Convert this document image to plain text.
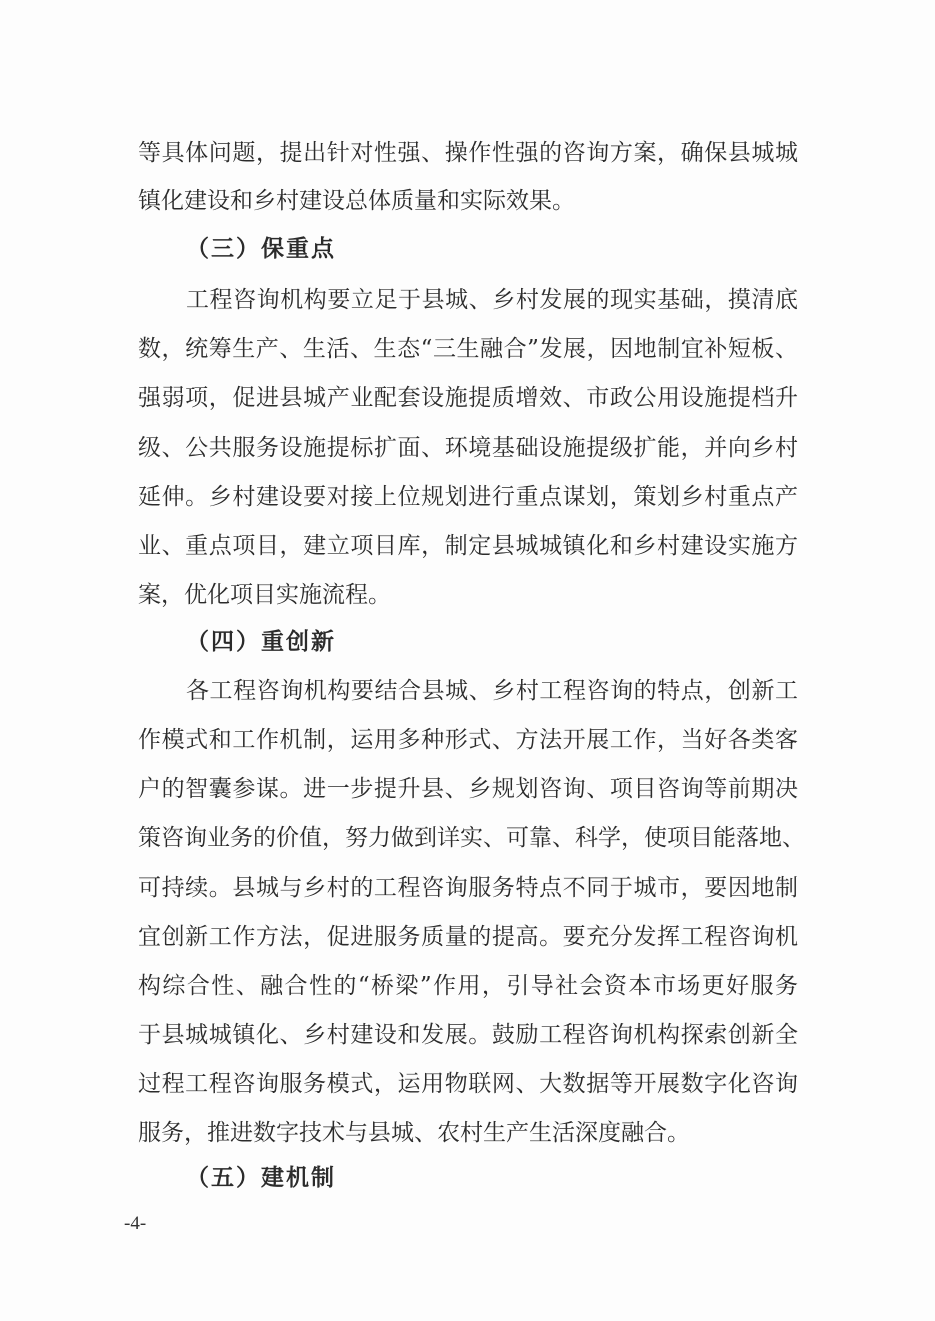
等具体问题，提出针对性强、操作性强的咨询方案，确保县城城
镇化建设和乡村建设总体质量和实际效果。
（三）保重点
工程咨询机构要立足于县城、乡村发展的现实基础，摸清底
数，统筹生产、生活、生态“三生融合”发展，因地制宜补短板、
强弱项，促进县城产业配套设施提质增效、市政公用设施提档升
级、公共服务设施提标扩面、环境基础设施提级扩能，并向乡村
延伸。乡村建设要对接上位规划进行重点谋划，策划乡村重点产
业、重点项目，建立项目库，制定县城城镇化和乡村建设实施方
案，优化项目实施流程。
（四）重创新
各工程咨询机构要结合县城、乡村工程咨询的特点，创新工
作模式和工作机制，运用多种形式、方法开展工作，当好各类客
户的智囊参谋。进一步提升县、乡规划咨询、项目咨询等前期决
策咨询业务的价值，努力做到详实、可靠、科学，使项目能落地、
可持续。县城与乡村的工程咨询服务特点不同于城市，要因地制
宜创新工作方法，促进服务质量的提高。要充分发挥工程咨询机
构综合性、融合性的“桥梁”作用，引导社会资本市场更好服务
于县城城镇化、乡村建设和发展。鼓励工程咨询机构探索创新全
过程工程咨询服务模式，运用物联网、大数据等开展数字化咨询
服务，推进数字技术与县城、农村生产生活深度融合。
（五）建机制
-4-
